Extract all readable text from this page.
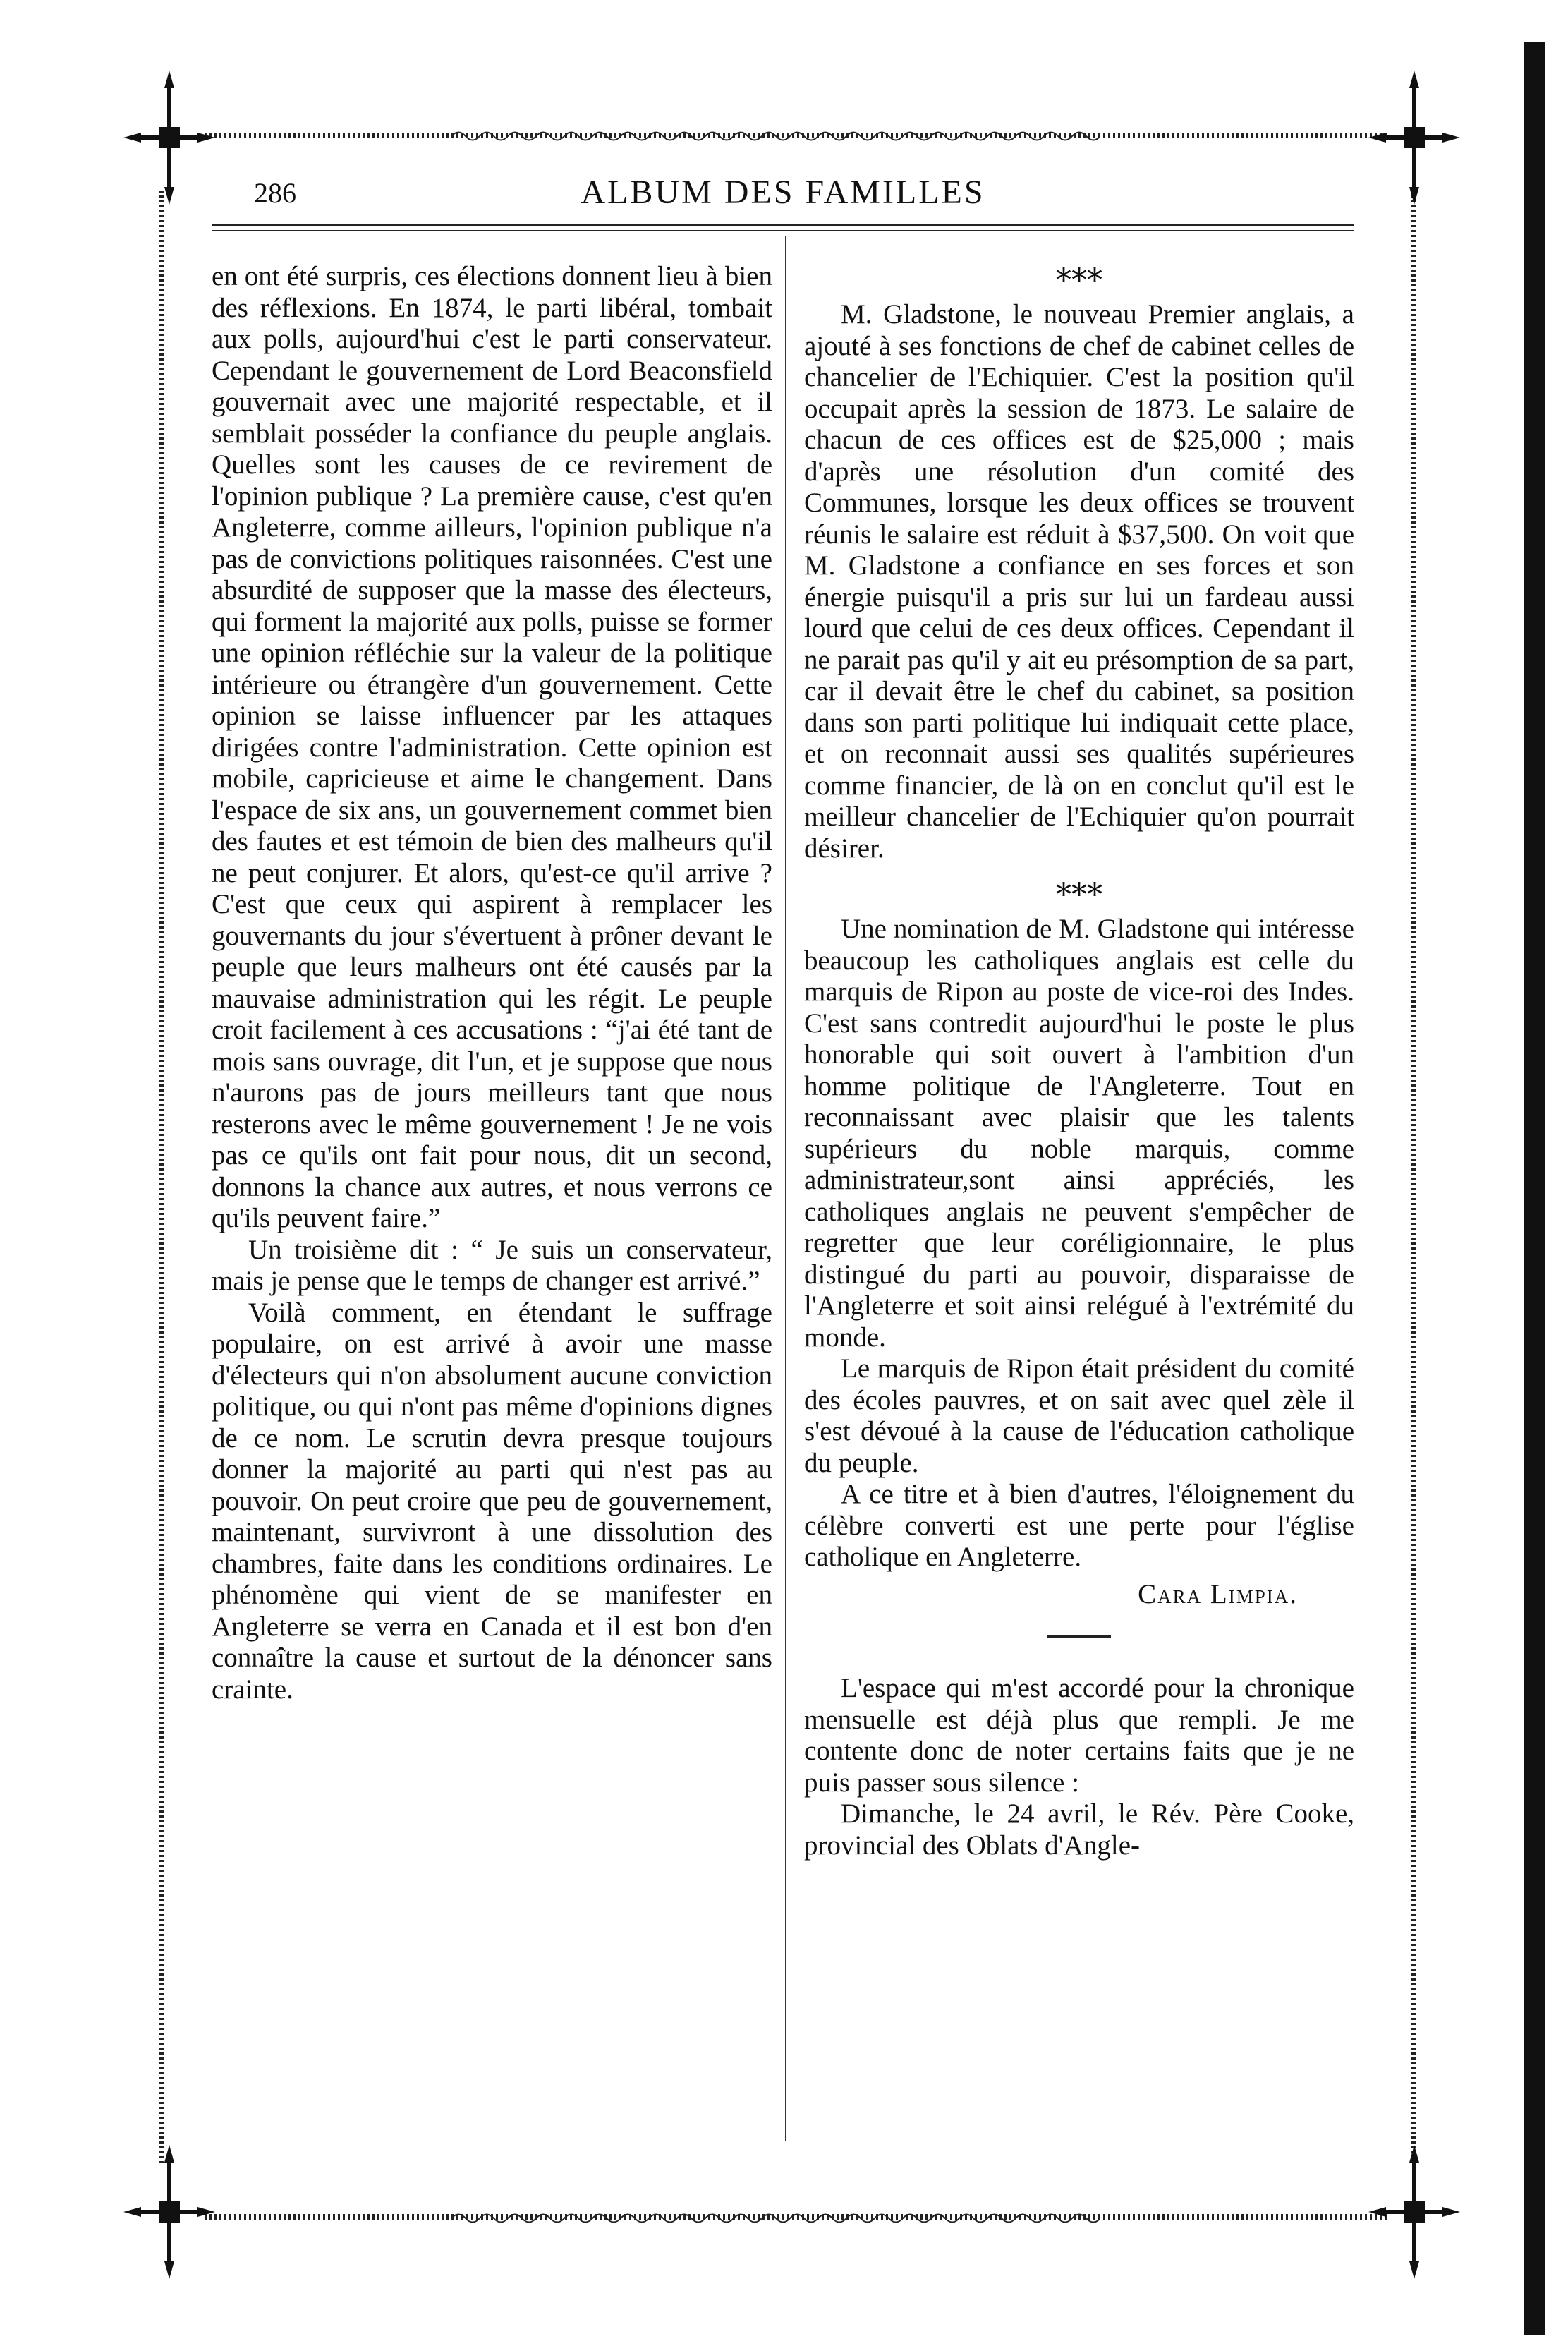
286	ALBUM DES FAMILLES

en ont été surpris, ces élections donnent lieu à bien des réflexions. En 1874, le parti libéral, tombait aux polls, aujourd'hui c'est le parti conservateur. Cependant le gouvernement de Lord Beaconsfield gouvernait avec une majorité respectable, et il semblait posséder la confiance du peuple anglais. Quelles sont les causes de ce revirement de l'opinion publique ? La première cause, c'est qu'en Angleterre, comme ailleurs, l'opinion publique n'a pas de convictions politiques raisonnées. C'est une absurdité de supposer que la masse des électeurs, qui forment la majorité aux polls, puisse se former une opinion réfléchie sur la valeur de la politique intérieure ou étrangère d'un gouvernement. Cette opinion se laisse influencer par les attaques dirigées contre l'administration. Cette opinion est mobile, capricieuse et aime le changement. Dans l'espace de six ans, un gouvernement commet bien des fautes et est témoin de bien des malheurs qu'il ne peut conjurer. Et alors, qu'est-ce qu'il arrive ? C'est que ceux qui aspirent à remplacer les gouvernants du jour s'évertuent à prôner devant le peuple que leurs malheurs ont été causés par la mauvaise administration qui les régit. Le peuple croit facilement à ces accusations : “j'ai été tant de mois sans ouvrage, dit l'un, et je suppose que nous n'aurons pas de jours meilleurs tant que nous resterons avec le même gouvernement ! Je ne vois pas ce qu'ils ont fait pour nous, dit un second, donnons la chance aux autres, et nous verrons ce qu'ils peuvent faire.”

Un troisième dit : “ Je suis un conservateur, mais je pense que le temps de changer est arrivé.”

Voilà comment, en étendant le suffrage populaire, on est arrivé à avoir une masse d'électeurs qui n'on absolument aucune conviction politique, ou qui n'ont pas même d'opinions dignes de ce nom. Le scrutin devra presque toujours donner la majorité au parti qui n'est pas au pouvoir. On peut croire que peu de gouvernement, maintenant, survivront à une dissolution des chambres, faite dans les conditions ordinaires. Le phénomène qui vient de se manifester en Angleterre se verra en Canada et il est bon d'en connaître la cause et surtout de la dénoncer sans crainte.

***

M. Gladstone, le nouveau Premier anglais, a ajouté à ses fonctions de chef de cabinet celles de chancelier de l'Echiquier. C'est la position qu'il occupait après la session de 1873. Le salaire de chacun de ces offices est de $25,000 ; mais d'après une résolution d'un comité des Communes, lorsque les deux offices se trouvent réunis le salaire est réduit à $37,500. On voit que M. Gladstone a confiance en ses forces et son énergie puisqu'il a pris sur lui un fardeau aussi lourd que celui de ces deux offices. Cependant il ne parait pas qu'il y ait eu présomption de sa part, car il devait être le chef du cabinet, sa position dans son parti politique lui indiquait cette place, et on reconnait aussi ses qualités supérieures comme financier, de là on en conclut qu'il est le meilleur chancelier de l'Echiquier qu'on pourrait désirer.

***

Une nomination de M. Gladstone qui intéresse beaucoup les catholiques anglais est celle du marquis de Ripon au poste de vice-roi des Indes. C'est sans contredit aujourd'hui le poste le plus honorable qui soit ouvert à l'ambition d'un homme politique de l'Angleterre. Tout en reconnaissant avec plaisir que les talents supérieurs du noble marquis, comme administrateur,sont ainsi appréciés, les catholiques anglais ne peuvent s'empêcher de regretter que leur coréligionnaire, le plus distingué du parti au pouvoir, disparaisse de l'Angleterre et soit ainsi relégué à l'extrémité du monde.

Le marquis de Ripon était président du comité des écoles pauvres, et on sait avec quel zèle il s'est dévoué à la cause de l'éducation catholique du peuple.

A ce titre et à bien d'autres, l'éloignement du célèbre converti est une perte pour l'église catholique en Angleterre.

Cara Limpia.

L'espace qui m'est accordé pour la chronique mensuelle est déjà plus que rempli. Je me contente donc de noter certains faits que je ne puis passer sous silence :

Dimanche, le 24 avril, le Rév. Père Cooke, provincial des Oblats d'Angle-
